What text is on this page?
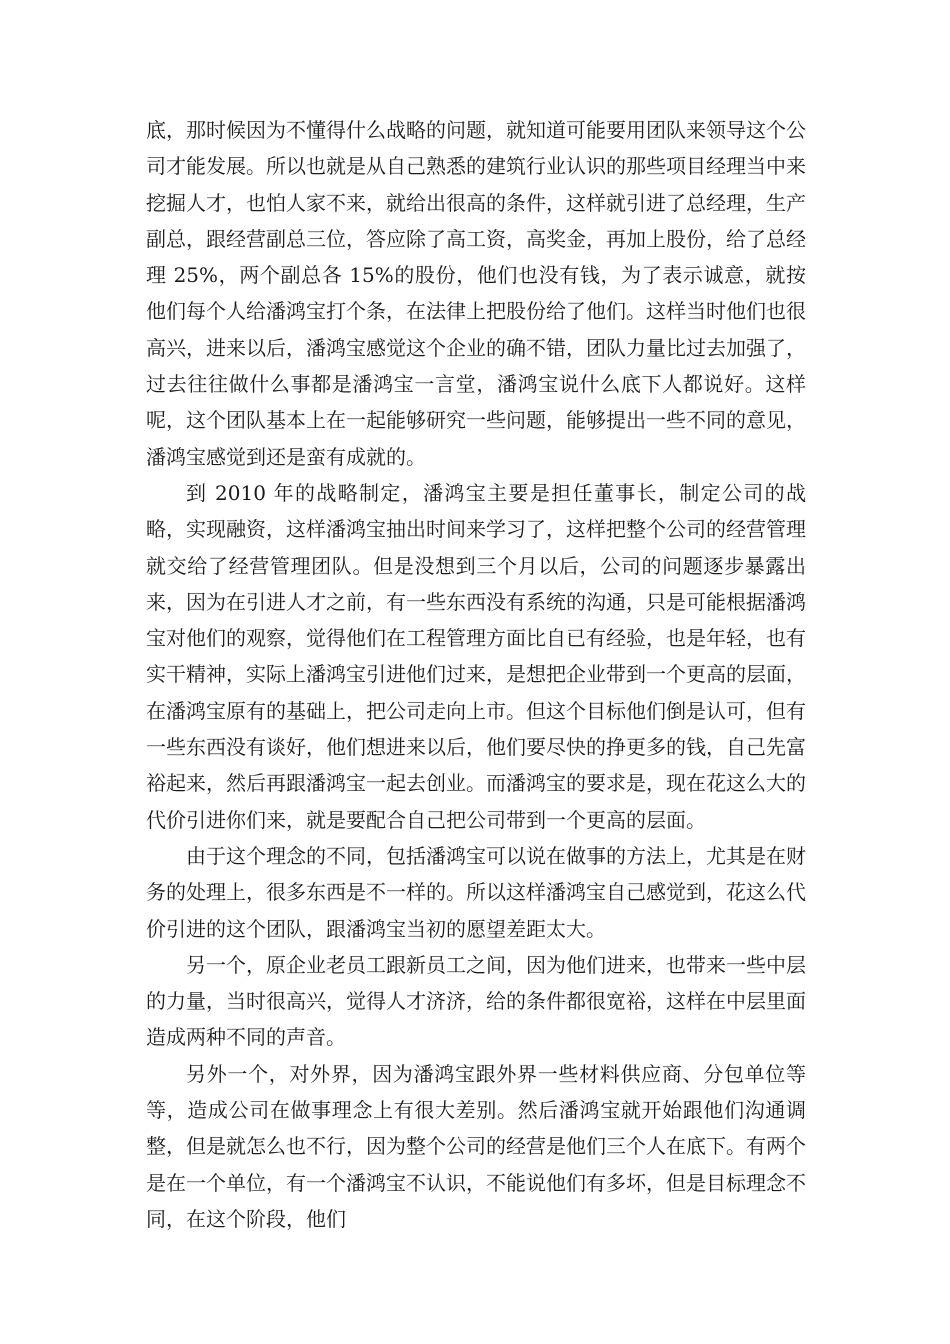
底，那时候因为不懂得什么战略的问题，就知道可能要用团队来领导这个公司才能发展。所以也就是从自己熟悉的建筑行业认识的那些项目经理当中来挖掘人才，也怕人家不来，就给出很高的条件，这样就引进了总经理，生产副总，跟经营副总三位，答应除了高工资，高奖金，再加上股份，给了总经理 25%，两个副总各 15%的股份，他们也没有钱，为了表示诚意，就按他们每个人给潘鸿宝打个条，在法律上把股份给了他们。这样当时他们也很高兴，进来以后，潘鸿宝感觉这个企业的确不错，团队力量比过去加强了，过去往往做什么事都是潘鸿宝一言堂，潘鸿宝说什么底下人都说好。这样呢，这个团队基本上在一起能够研究一些问题，能够提出一些不同的意见，潘鸿宝感觉到还是蛮有成就的。

到 2010 年的战略制定，潘鸿宝主要是担任董事长，制定公司的战略，实现融资，这样潘鸿宝抽出时间来学习了，这样把整个公司的经营管理就交给了经营管理团队。但是没想到三个月以后，公司的问题逐步暴露出来，因为在引进人才之前，有一些东西没有系统的沟通，只是可能根据潘鸿宝对他们的观察，觉得他们在工程管理方面比自已有经验，也是年轻，也有实干精神，实际上潘鸿宝引进他们过来，是想把企业带到一个更高的层面，在潘鸿宝原有的基础上，把公司走向上市。但这个目标他们倒是认可，但有一些东西没有谈好，他们想进来以后，他们要尽快的挣更多的钱，自己先富裕起来，然后再跟潘鸿宝一起去创业。而潘鸿宝的要求是，现在花这么大的代价引进你们来，就是要配合自己把公司带到一个更高的层面。

由于这个理念的不同，包括潘鸿宝可以说在做事的方法上，尤其是在财务的处理上，很多东西是不一样的。所以这样潘鸿宝自己感觉到，花这么代价引进的这个团队，跟潘鸿宝当初的愿望差距太大。

另一个，原企业老员工跟新员工之间，因为他们进来，也带来一些中层的力量，当时很高兴，觉得人才济济，给的条件都很宽裕，这样在中层里面造成两种不同的声音。

另外一个，对外界，因为潘鸿宝跟外界一些材料供应商、分包单位等等，造成公司在做事理念上有很大差别。然后潘鸿宝就开始跟他们沟通调整，但是就怎么也不行，因为整个公司的经营是他们三个人在底下。有两个是在一个单位，有一个潘鸿宝不认识，不能说他们有多坏，但是目标理念不同，在这个阶段，他们
